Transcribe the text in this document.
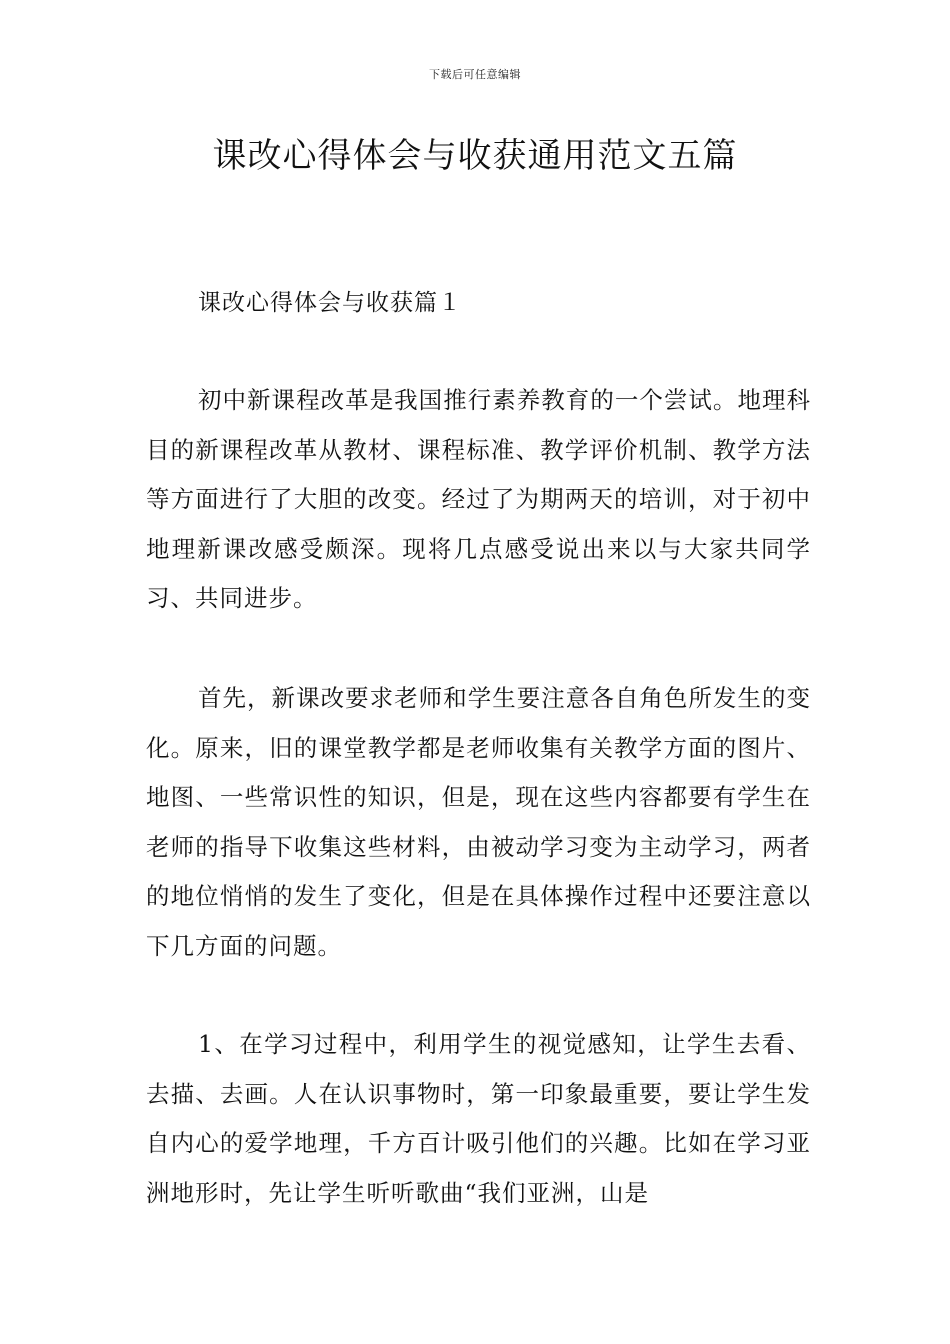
下载后可任意编辑
课改心得体会与收获通用范文五篇
课改心得体会与收获篇１

初中新课程改革是我国推行素养教育的一个尝试。地理科目的新课程改革从教材、课程标准、教学评价机制、教学方法等方面进行了大胆的改变。经过了为期两天的培训，对于初中地理新课改感受颇深。现将几点感受说出来以与大家共同学习、共同进步。

首先，新课改要求老师和学生要注意各自角色所发生的变化。原来，旧的课堂教学都是老师收集有关教学方面的图片、地图、一些常识性的知识，但是，现在这些内容都要有学生在老师的指导下收集这些材料，由被动学习变为主动学习，两者的地位悄悄的发生了变化，但是在具体操作过程中还要注意以下几方面的问题。

1、在学习过程中，利用学生的视觉感知，让学生去看、去描、去画。人在认识事物时，第一印象最重要，要让学生发自内心的爱学地理，千方百计吸引他们的兴趣。比如在学习亚洲地形时，先让学生听听歌曲“我们亚洲，山是
